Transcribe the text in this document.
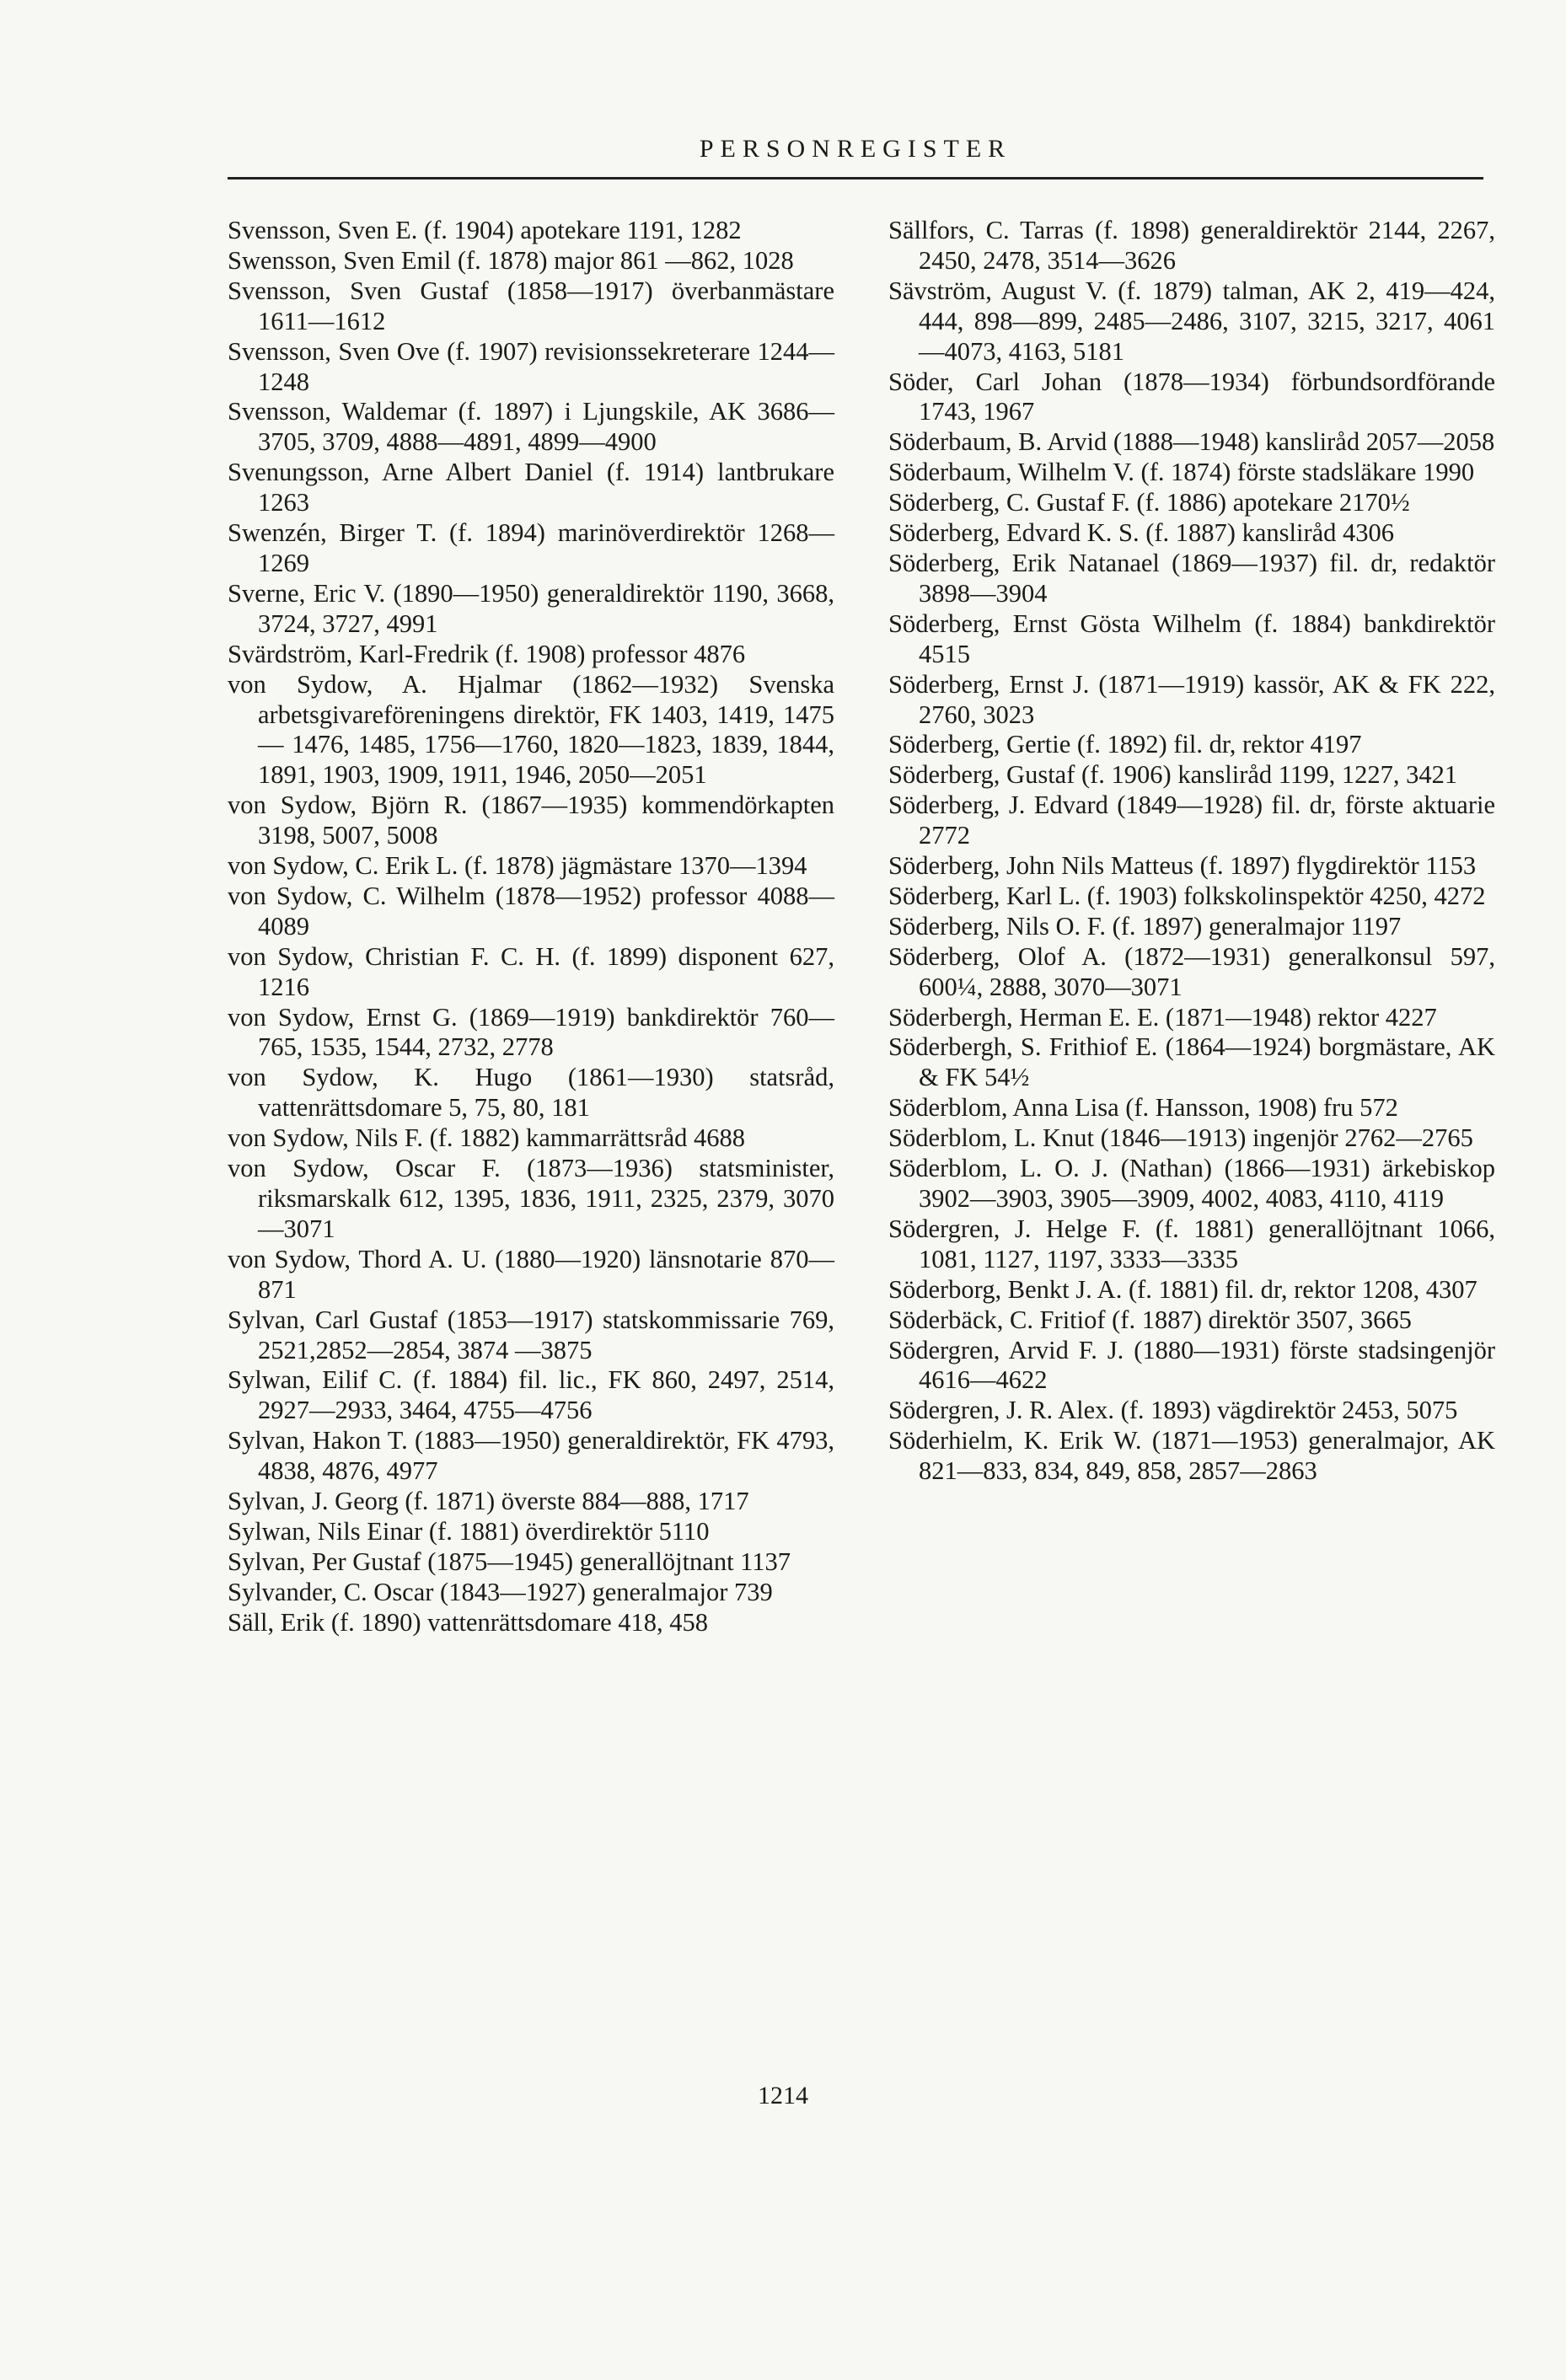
PERSONREGISTER

Svensson, Sven E. (f. 1904) apotekare 1191, 1282

Swensson, Sven Emil (f. 1878) major 861 —862, 1028

Svensson, Sven Gustaf (1858—1917) överbanmästare 1611—1612

Svensson, Sven Ove (f. 1907) revisionssekreterare 1244—1248

Svensson, Waldemar (f. 1897) i Ljungskile, AK 3686—3705, 3709, 4888—4891, 4899—4900

Svenungsson, Arne Albert Daniel (f. 1914) lantbrukare 1263

Swenzén, Birger T. (f. 1894) marinöverdirektör 1268—1269

Sverne, Eric V. (1890—1950) generaldirektör 1190, 3668, 3724, 3727, 4991

Svärdström, Karl-Fredrik (f. 1908) professor 4876

von Sydow, A. Hjalmar (1862—1932) Svenska arbetsgivareföreningens direktör, FK 1403, 1419, 1475— 1476, 1485, 1756—1760, 1820—1823, 1839, 1844, 1891, 1903, 1909, 1911, 1946, 2050—2051

von Sydow, Björn R. (1867—1935) kommendörkapten 3198, 5007, 5008

von Sydow, C. Erik L. (f. 1878) jägmästare 1370—1394

von Sydow, C. Wilhelm (1878—1952) professor 4088—4089

von Sydow, Christian F. C. H. (f. 1899) disponent 627, 1216

von Sydow, Ernst G. (1869—1919) bankdirektör 760—765, 1535, 1544, 2732, 2778

von Sydow, K. Hugo (1861—1930) statsråd, vattenrättsdomare 5, 75, 80, 181

von Sydow, Nils F. (f. 1882) kammarrättsråd 4688

von Sydow, Oscar F. (1873—1936) statsminister, riksmarskalk 612, 1395, 1836, 1911, 2325, 2379, 3070—3071

von Sydow, Thord A. U. (1880—1920) länsnotarie 870—871

Sylvan, Carl Gustaf (1853—1917) statskommissarie 769, 2521,2852—2854, 3874 —3875

Sylwan, Eilif C. (f. 1884) fil. lic., FK 860, 2497, 2514, 2927—2933, 3464, 4755—4756

Sylvan, Hakon T. (1883—1950) generaldirektör, FK 4793, 4838, 4876, 4977

Sylvan, J. Georg (f. 1871) överste 884—888, 1717

Sylwan, Nils Einar (f. 1881) överdirektör 5110

Sylvan, Per Gustaf (1875—1945) generallöjtnant 1137

Sylvander, C. Oscar (1843—1927) generalmajor 739

Säll, Erik (f. 1890) vattenrättsdomare 418, 458

Sällfors, C. Tarras (f. 1898) generaldirektör 2144, 2267, 2450, 2478, 3514—3626

Sävström, August V. (f. 1879) talman, AK 2, 419—424, 444, 898—899, 2485—2486, 3107, 3215, 3217, 4061—4073, 4163, 5181

Söder, Carl Johan (1878—1934) förbundsordförande 1743, 1967

Söderbaum, B. Arvid (1888—1948) kansliråd 2057—2058

Söderbaum, Wilhelm V. (f. 1874) förste stadsläkare 1990

Söderberg, C. Gustaf F. (f. 1886) apotekare 2170½

Söderberg, Edvard K. S. (f. 1887) kanslіråd 4306

Söderberg, Erik Natanael (1869—1937) fil. dr, redaktör 3898—3904

Söderberg, Ernst Gösta Wilhelm (f. 1884) bankdirektör 4515

Söderberg, Ernst J. (1871—1919) kassör, AK & FK 222, 2760, 3023

Söderberg, Gertie (f. 1892) fil. dr, rektor 4197

Söderberg, Gustaf (f. 1906) kanslіråd 1199, 1227, 3421

Söderberg, J. Edvard (1849—1928) fil. dr, förste aktuarie 2772

Söderberg, John Nils Matteus (f. 1897) flygdirektör 1153

Söderberg, Karl L. (f. 1903) folkskolinspektör 4250, 4272

Söderberg, Nils O. F. (f. 1897) generalmajor 1197

Söderberg, Olof A. (1872—1931) generalkonsul 597, 600¼, 2888, 3070—3071

Söderbergh, Herman E. E. (1871—1948) rektor 4227

Söderbergh, S. Frithiof E. (1864—1924) borgmästare, AK & FK 54½

Söderblom, Anna Lisa (f. Hansson, 1908) fru 572

Söderblom, L. Knut (1846—1913) ingenjör 2762—2765

Söderblom, L. O. J. (Nathan) (1866—1931) ärkebiskop 3902—3903, 3905—3909, 4002, 4083, 4110, 4119

Södergren, J. Helge F. (f. 1881) generallöjtnant 1066, 1081, 1127, 1197, 3333—3335

Söderborg, Benkt J. A. (f. 1881) fil. dr, rektor 1208, 4307

Söderbäck, C. Fritiof (f. 1887) direktör 3507, 3665

Södergren, Arvid F. J. (1880—1931) förste stadsingenjör 4616—4622

Södergren, J. R. Alex. (f. 1893) vägdirektör 2453, 5075

Söderhielm, K. Erik W. (1871—1953) generalmajor, AK 821—833, 834, 849, 858, 2857—2863

1214
